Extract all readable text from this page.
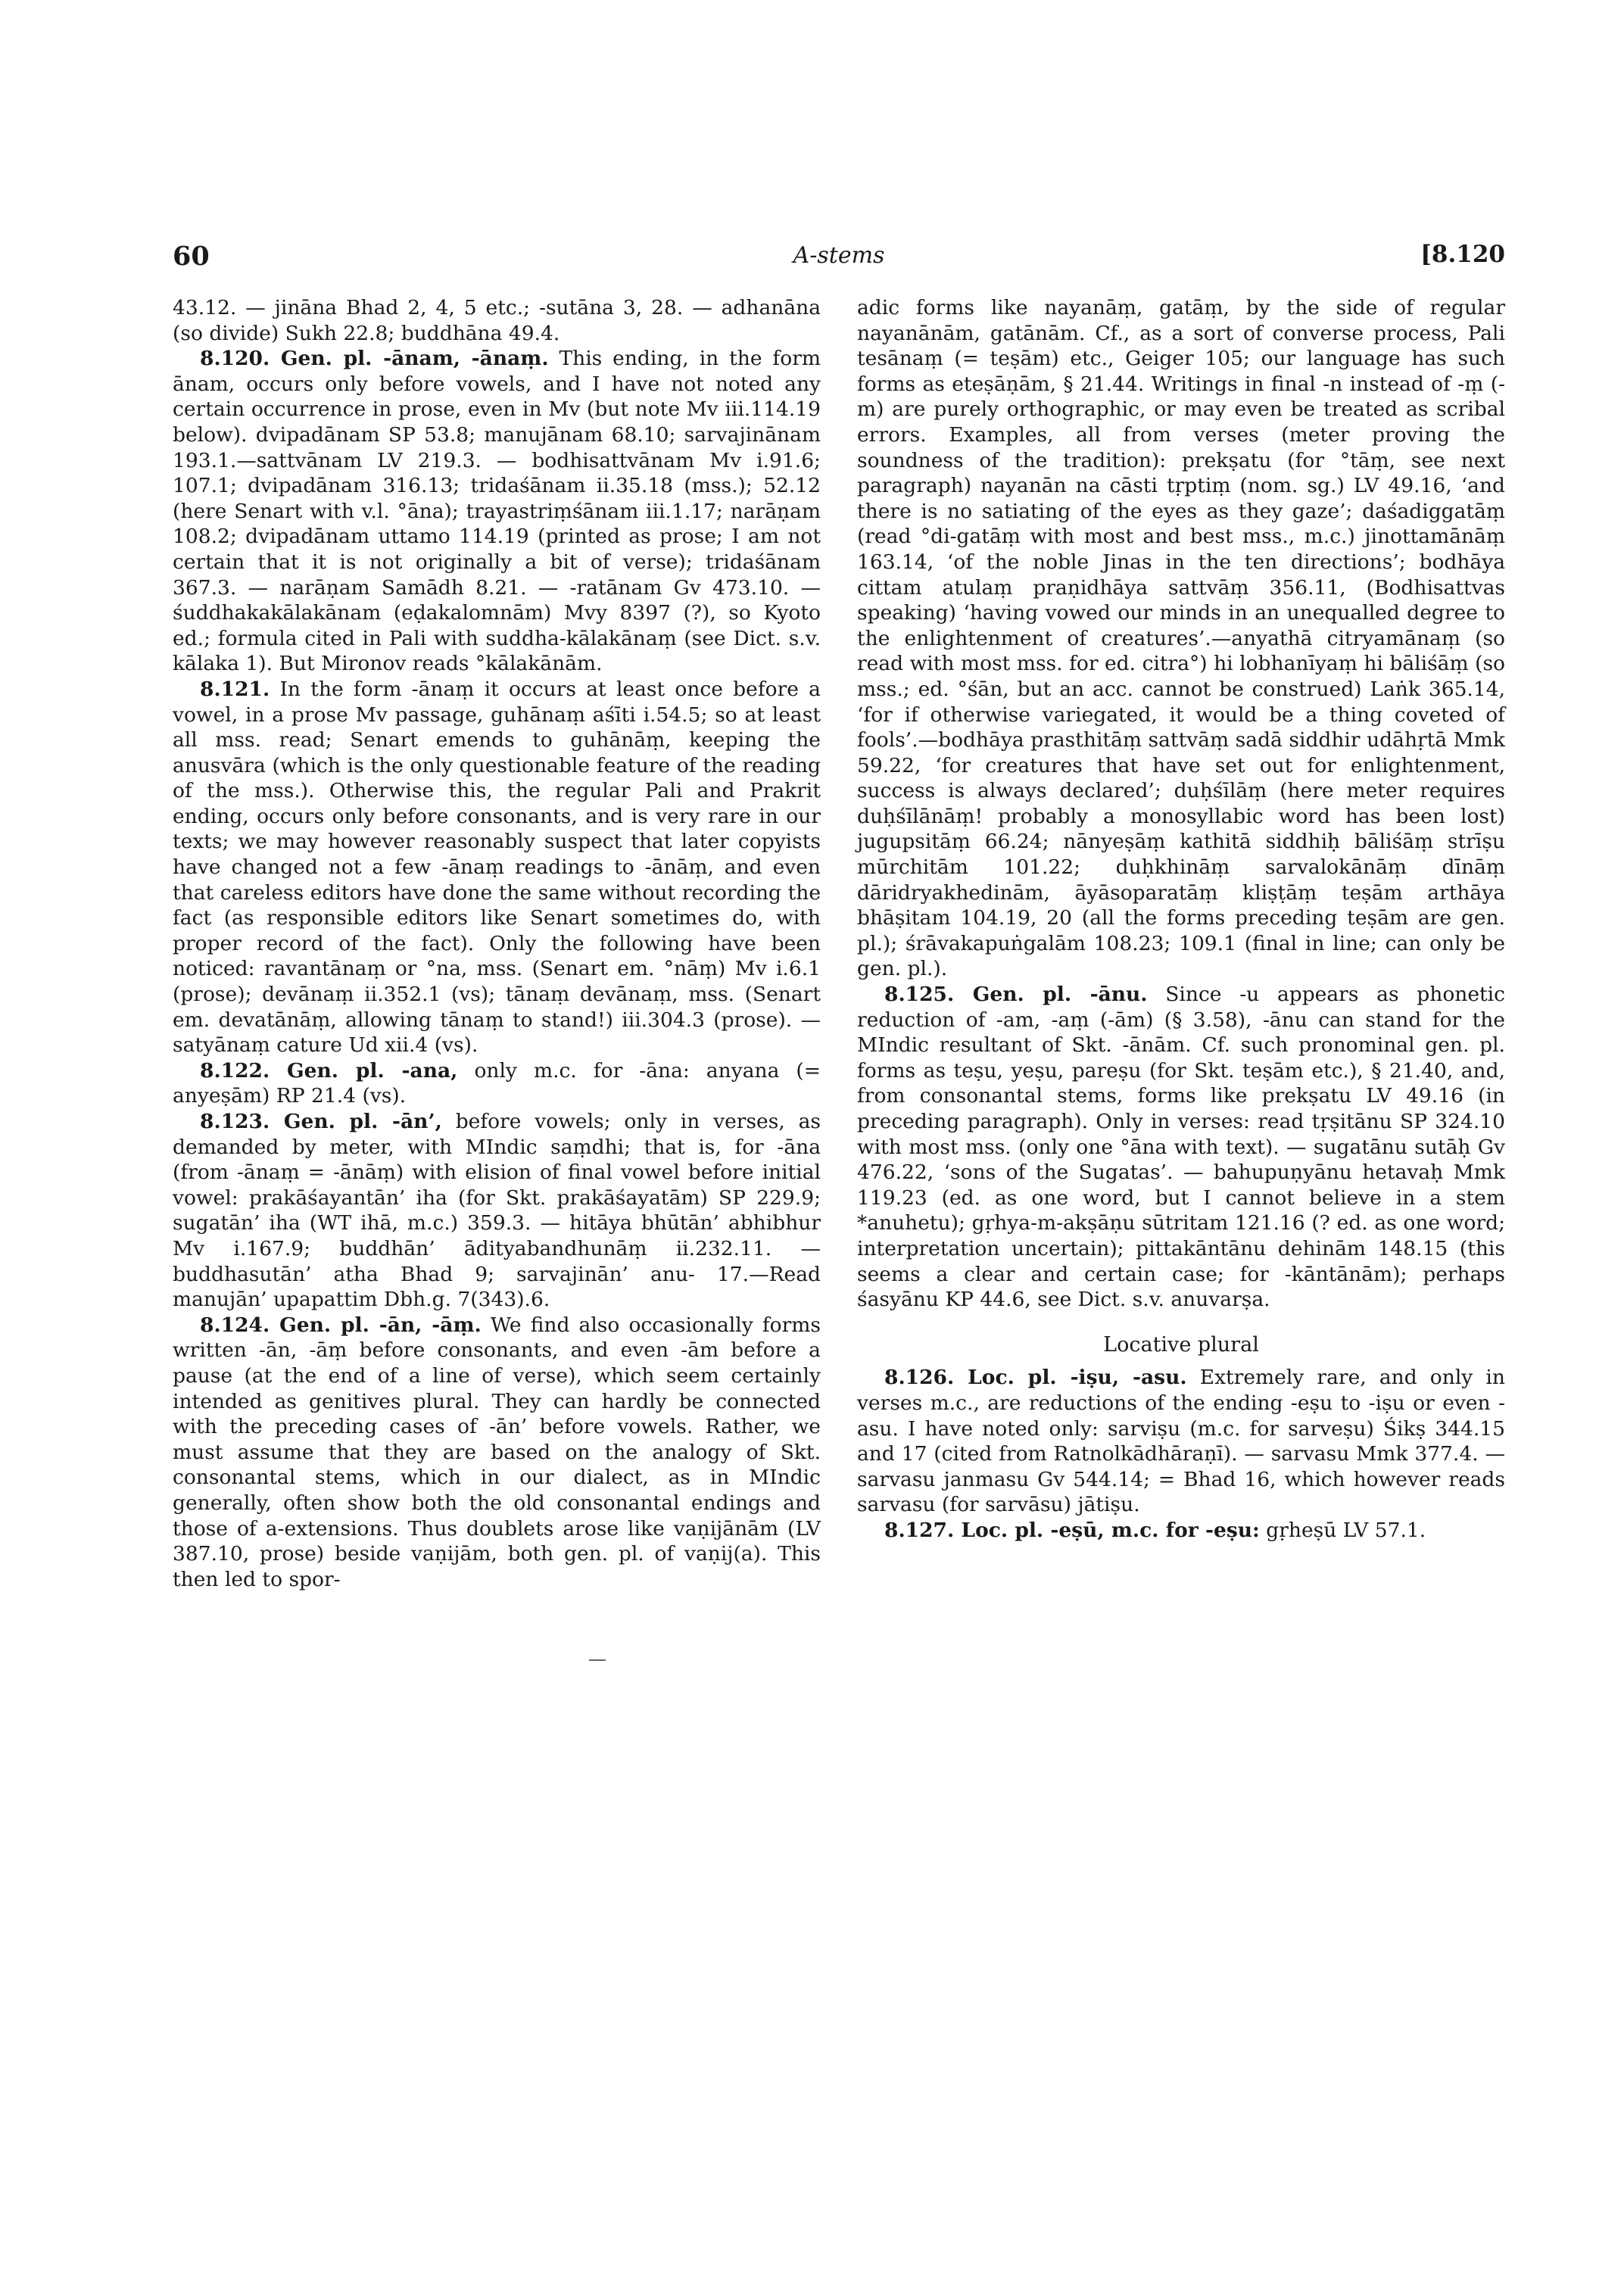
60	A-stems	[8.120

43.12. — jināna Bhad 2, 4, 5 etc.; -sutāna 3, 28. — adhanāna (so divide) Sukh 22.8; buddhāna 49.4.

8.120. Gen. pl. -ānam, -ānaṃ. This ending, in the form ānam, occurs only before vowels, and I have not noted any certain occurrence in prose, even in Mv (but note Mv iii.114.19 below). dvipadānam SP 53.8; manujānam 68.10; sarvajinānam 193.1.—sattvānam LV 219.3. — bodhisattvānam Mv i.91.6; 107.1; dvipadānam 316.13; tridaśānam ii.35.18 (mss.); 52.12 (here Senart with v.l. °āna); trayastriṃśānam iii.1.17; narāṇam 108.2; dvipadānam uttamo 114.19 (printed as prose; I am not certain that it is not originally a bit of verse); tridaśānam 367.3. — narāṇam Samādh 8.21. — -ratānam Gv 473.10. — śuddhakakālakānam (eḍakalomnām) Mvy 8397 (?), so Kyoto ed.; formula cited in Pali with suddha-kālakānaṃ (see Dict. s.v. kālaka 1). But Mironov reads °kālakānām.

8.121. In the form -ānaṃ it occurs at least once before a vowel, in a prose Mv passage, guhānaṃ aśīti i.54.5; so at least all mss. read; Senart emends to guhānāṃ, keeping the anusvāra (which is the only questionable feature of the reading of the mss.). Otherwise this, the regular Pali and Prakrit ending, occurs only before consonants, and is very rare in our texts; we may however reasonably suspect that later copyists have changed not a few -ānaṃ readings to -ānāṃ, and even that careless editors have done the same without recording the fact (as responsible editors like Senart sometimes do, with proper record of the fact). Only the following have been noticed: ravantānaṃ or °na, mss. (Senart em. °nāṃ) Mv i.6.1 (prose); devānaṃ ii.352.1 (vs); tānaṃ devānaṃ, mss. (Senart em. devatānāṃ, allowing tānaṃ to stand!) iii.304.3 (prose). — satyānaṃ cature Ud xii.4 (vs).

8.122. Gen. pl. -ana, only m.c. for -āna: anyana (= anyeṣām) RP 21.4 (vs).

8.123. Gen. pl. -ān’, before vowels; only in verses, as demanded by meter, with MIndic saṃdhi; that is, for -āna (from -ānaṃ = -ānāṃ) with elision of final vowel before initial vowel: prakāśayantān’ iha (for Skt. prakāśayatām) SP 229.9; sugatān’ iha (WT ihā, m.c.) 359.3. — hitāya bhūtān’ abhibhur Mv i.167.9; buddhān’ ādityabandhunāṃ ii.232.11. — buddhasutān’ atha Bhad 9; sarvajinān’ anu- 17.—Read manujān’ upapattim Dbh.g. 7(343).6.

8.124. Gen. pl. -ān, -āṃ. We find also occasionally forms written -ān, -āṃ before consonants, and even -ām before a pause (at the end of a line of verse), which seem certainly intended as genitives plural. They can hardly be connected with the preceding cases of -ān’ before vowels. Rather, we must assume that they are based on the analogy of Skt. consonantal stems, which in our dialect, as in MIndic generally, often show both the old consonantal endings and those of a-extensions. Thus doublets arose like vaṇijānām (LV 387.10, prose) beside vaṇijām, both gen. pl. of vaṇij(a). This then led to spor-

adic forms like nayanāṃ, gatāṃ, by the side of regular nayanānām, gatānām. Cf., as a sort of converse process, Pali tesānaṃ (= teṣām) etc., Geiger 105; our language has such forms as eteṣāṇām, § 21.44. Writings in final -n instead of -ṃ (-m) are purely orthographic, or may even be treated as scribal errors. Examples, all from verses (meter proving the soundness of the tradition): prekṣatu (for °tāṃ, see next paragraph) nayanān na cāsti tṛptiṃ (nom. sg.) LV 49.16, ‘and there is no satiating of the eyes as they gaze’; daśadiggatāṃ (read °di-gatāṃ with most and best mss., m.c.) jinottamānāṃ 163.14, ‘of the noble Jinas in the ten directions’; bodhāya cittam atulaṃ praṇidhāya sattvāṃ 356.11, (Bodhisattvas speaking) ‘having vowed our minds in an unequalled degree to the enlightenment of creatures’.—anyathā citryamānaṃ (so read with most mss. for ed. citra°) hi lobhanīyaṃ hi bāliśāṃ (so mss.; ed. °śān, but an acc. cannot be construed) Laṅk 365.14, ‘for if otherwise variegated, it would be a thing coveted of fools’.—bodhāya prasthitāṃ sattvāṃ sadā siddhir udāhṛtā Mmk 59.22, ‘for creatures that have set out for enlightenment, success is always declared’; duḥśīlāṃ (here meter requires duḥśīlānāṃ! probably a monosyllabic word has been lost) jugupsitāṃ 66.24; nānyeṣāṃ kathitā siddhiḥ bāliśāṃ strīṣu mūrchitām 101.22; duḥkhināṃ sarvalokānāṃ dīnāṃ dāridryakhedinām, āyāsoparatāṃ kliṣṭāṃ teṣām arthāya bhāṣitam 104.19, 20 (all the forms preceding teṣām are gen. pl.); śrāvakapuṅgalām 108.23; 109.1 (final in line; can only be gen. pl.).

8.125. Gen. pl. -ānu. Since -u appears as phonetic reduction of -am, -aṃ (-ām) (§ 3.58), -ānu can stand for the MIndic resultant of Skt. -ānām. Cf. such pronominal gen. pl. forms as teṣu, yeṣu, pareṣu (for Skt. teṣām etc.), § 21.40, and, from consonantal stems, forms like prekṣatu LV 49.16 (in preceding paragraph). Only in verses: read tṛṣitānu SP 324.10 with most mss. (only one °āna with text). — sugatānu sutāḥ Gv 476.22, ‘sons of the Sugatas’. — bahupuṇyānu hetavaḥ Mmk 119.23 (ed. as one word, but I cannot believe in a stem *anuhetu); gṛhya-m-akṣāṇu sūtritam 121.16 (? ed. as one word; interpretation uncertain); pittakāntānu dehinām 148.15 (this seems a clear and certain case; for -kāntānām); perhaps śasyānu KP 44.6, see Dict. s.v. anuvarṣa.

Locative plural

8.126. Loc. pl. -iṣu, -asu. Extremely rare, and only in verses m.c., are reductions of the ending -eṣu to -iṣu or even -asu. I have noted only: sarviṣu (m.c. for sarveṣu) Śikṣ 344.15 and 17 (cited from Ratnolkādhāraṇī). — sarvasu Mmk 377.4. — sarvasu janmasu Gv 544.14; = Bhad 16, which however reads sarvasu (for sarvāsu) jātiṣu.

8.127. Loc. pl. -eṣū, m.c. for -eṣu: gṛheṣū LV 57.1.
